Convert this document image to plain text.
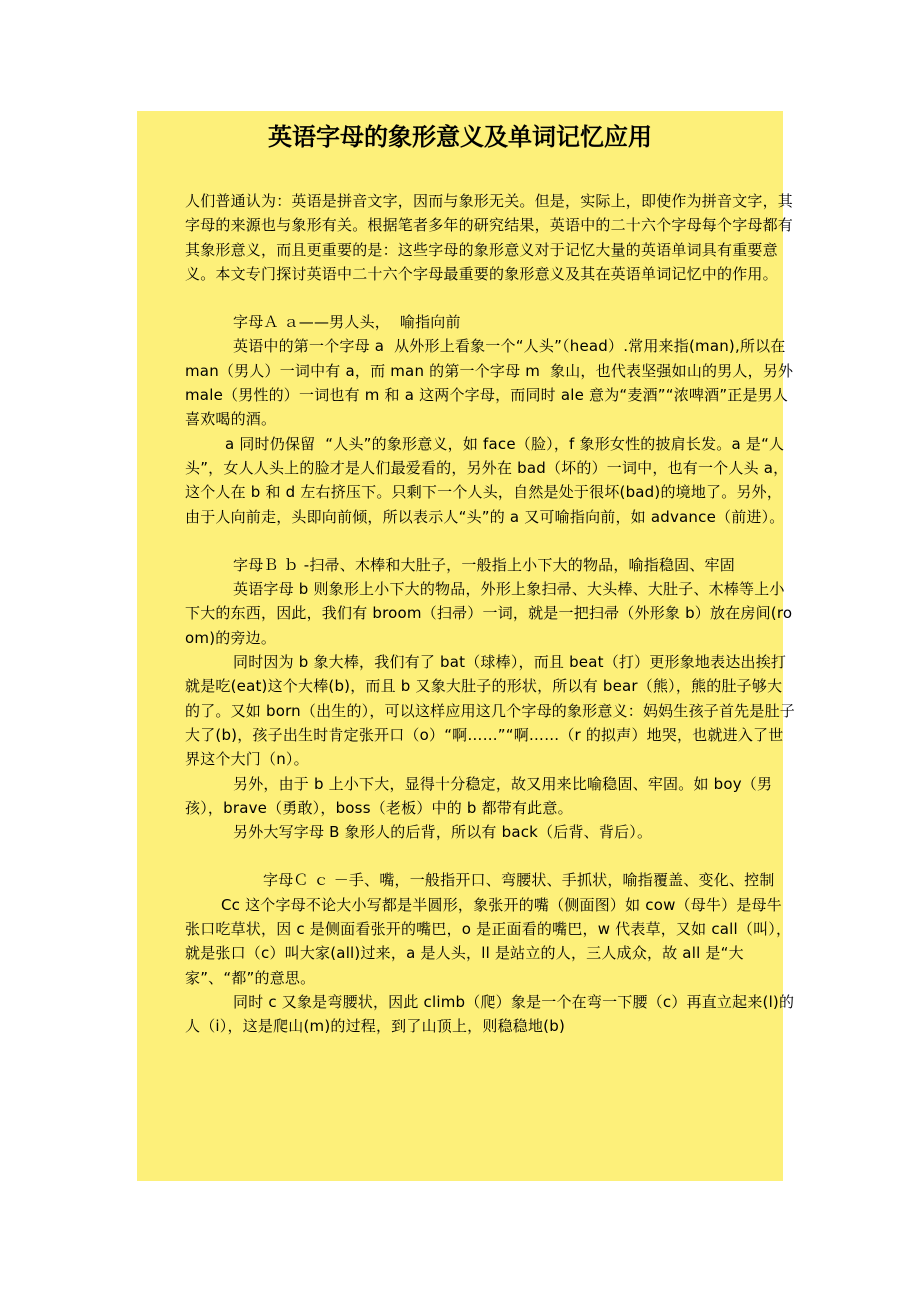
英语字母的象形意义及单词记忆应用

人们普通认为：英语是拼音文字，因而与象形无关。但是，实际上，即使作为拼音文字，其字母的来源也与象形有关。根据笔者多年的研究结果，英语中的二十六个字母每个字母都有其象形意义，而且更重要的是：这些字母的象形意义对于记忆大量的英语单词具有重要意义。本文专门探讨英语中二十六个字母最重要的象形意义及其在英语单词记忆中的作用。

字母Ａ ａ——男人头，  喻指向前

英语中的第一个字母 a  从外形上看象一个“人头”（head）.常用来指(man),所以在 man（男人）一词中有 a，而 man 的第一个字母 m  象山，也代表坚强如山的男人，另外 male（男性的）一词也有 m 和 a 这两个字母，而同时 ale 意为“麦酒”“浓啤酒”正是男人喜欢喝的酒。

a 同时仍保留  “人头”的象形意义，如 face（脸），f 象形女性的披肩长发。a 是“人头”，女人人头上的脸才是人们最爱看的，另外在 bad（坏的）一词中，也有一个人头 a，这个人在 b 和 d 左右挤压下。只剩下一个人头，自然是处于很坏(bad)的境地了。另外，由于人向前走，头即向前倾，所以表示人“头”的 a 又可喻指向前，如 advance（前进）。

字母Ｂ ｂ -扫帚、木棒和大肚子，一般指上小下大的物品，喻指稳固、牢固

英语字母 b 则象形上小下大的物品，外形上象扫帚、大头棒、大肚子、木棒等上小下大的东西，因此，我们有 broom（扫帚）一词，就是一把扫帚（外形象 b）放在房间(room)的旁边。

同时因为 b 象大棒，我们有了 bat（球棒），而且 beat（打）更形象地表达出挨打就是吃(eat)这个大棒(b)，而且 b 又象大肚子的形状，所以有 bear（熊），熊的肚子够大的了。又如 born（出生的），可以这样应用这几个字母的象形意义：妈妈生孩子首先是肚子大了(b)，孩子出生时肯定张开口（o）“啊……”“啊……（r 的拟声）地哭，也就进入了世界这个大门（n）。

另外，由于 b 上小下大，显得十分稳定，故又用来比喻稳固、牢固。如 boy（男孩），brave（勇敢），boss（老板）中的 b 都带有此意。

另外大写字母 B 象形人的后背，所以有 back（后背、背后）。

字母Ｃ ｃ －手、嘴，一般指开口、弯腰状、手抓状，喻指覆盖、变化、控制

Cc 这个字母不论大小写都是半圆形，象张开的嘴（侧面图）如 cow（母牛）是母牛张口吃草状，因 c 是侧面看张开的嘴巴，o 是正面看的嘴巴，w 代表草，又如 call（叫），就是张口（c）叫大家(all)过来，a 是人头，ll 是站立的人，三人成众，故 all 是“大家”、“都”的意思。

同时 c 又象是弯腰状，因此 climb（爬）象是一个在弯一下腰（c）再直立起来(l)的人（i），这是爬山(m)的过程，到了山顶上，则稳稳地(b)
